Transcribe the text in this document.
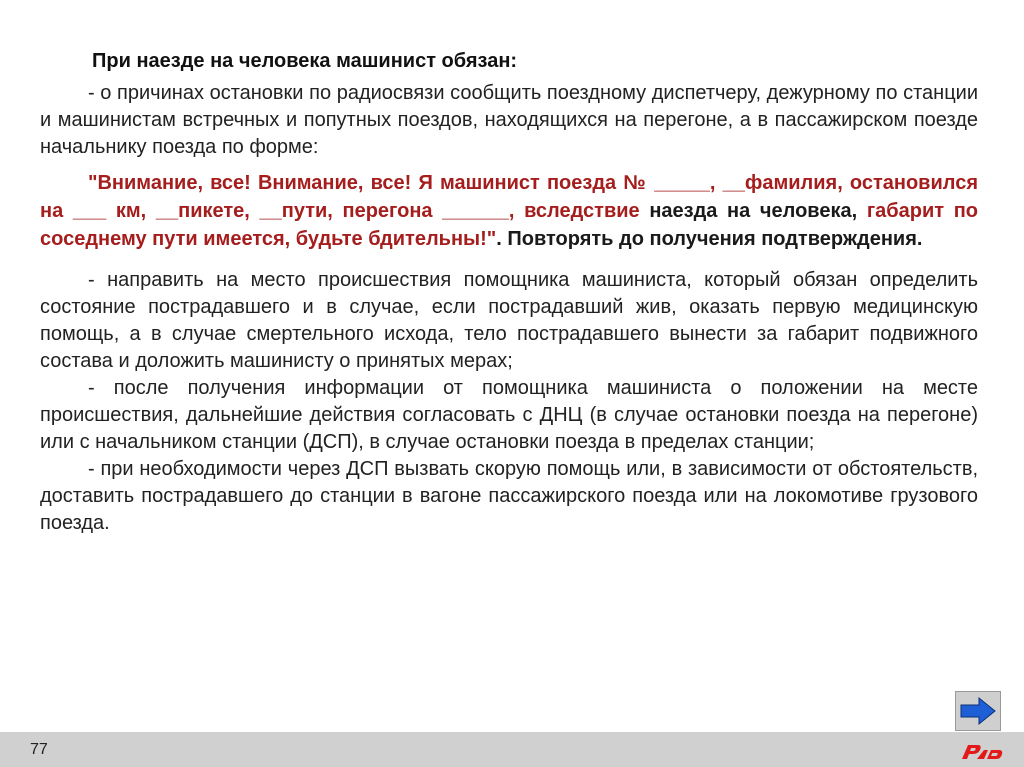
При наезде на человека машинист обязан:

- о причинах остановки по радиосвязи сообщить поездному диспетчеру, дежурному по станции и машинистам встречных и попутных поездов, находящихся на перегоне, а в пассажирском поезде начальнику поезда по форме:

"Внимание, все! Внимание, все! Я машинист поезда № _____, __фамилия, остановился на ___ км, __пикете, __пути, перегона ______, вследствие наезда на человека, габарит по соседнему пути имеется, будьте бдительны!". Повторять до получения подтверждения.

- направить на место происшествия помощника машиниста, который обязан определить состояние пострадавшего и в случае, если пострадавший жив, оказать первую медицинскую помощь, а в случае смертельного исхода, тело пострадавшего вынести за габарит подвижного состава и доложить машинисту о принятых мерах;

- после получения информации от помощника машиниста о положении на месте происшествия, дальнейшие действия согласовать с ДНЦ (в случае остановки поезда на перегоне) или с начальником станции (ДСП), в случае остановки поезда в пределах станции;

- при необходимости через ДСП вызвать скорую помощь или, в зависимости от обстоятельств, доставить пострадавшего до станции в вагоне пассажирского поезда или на локомотиве грузового поезда.

77
